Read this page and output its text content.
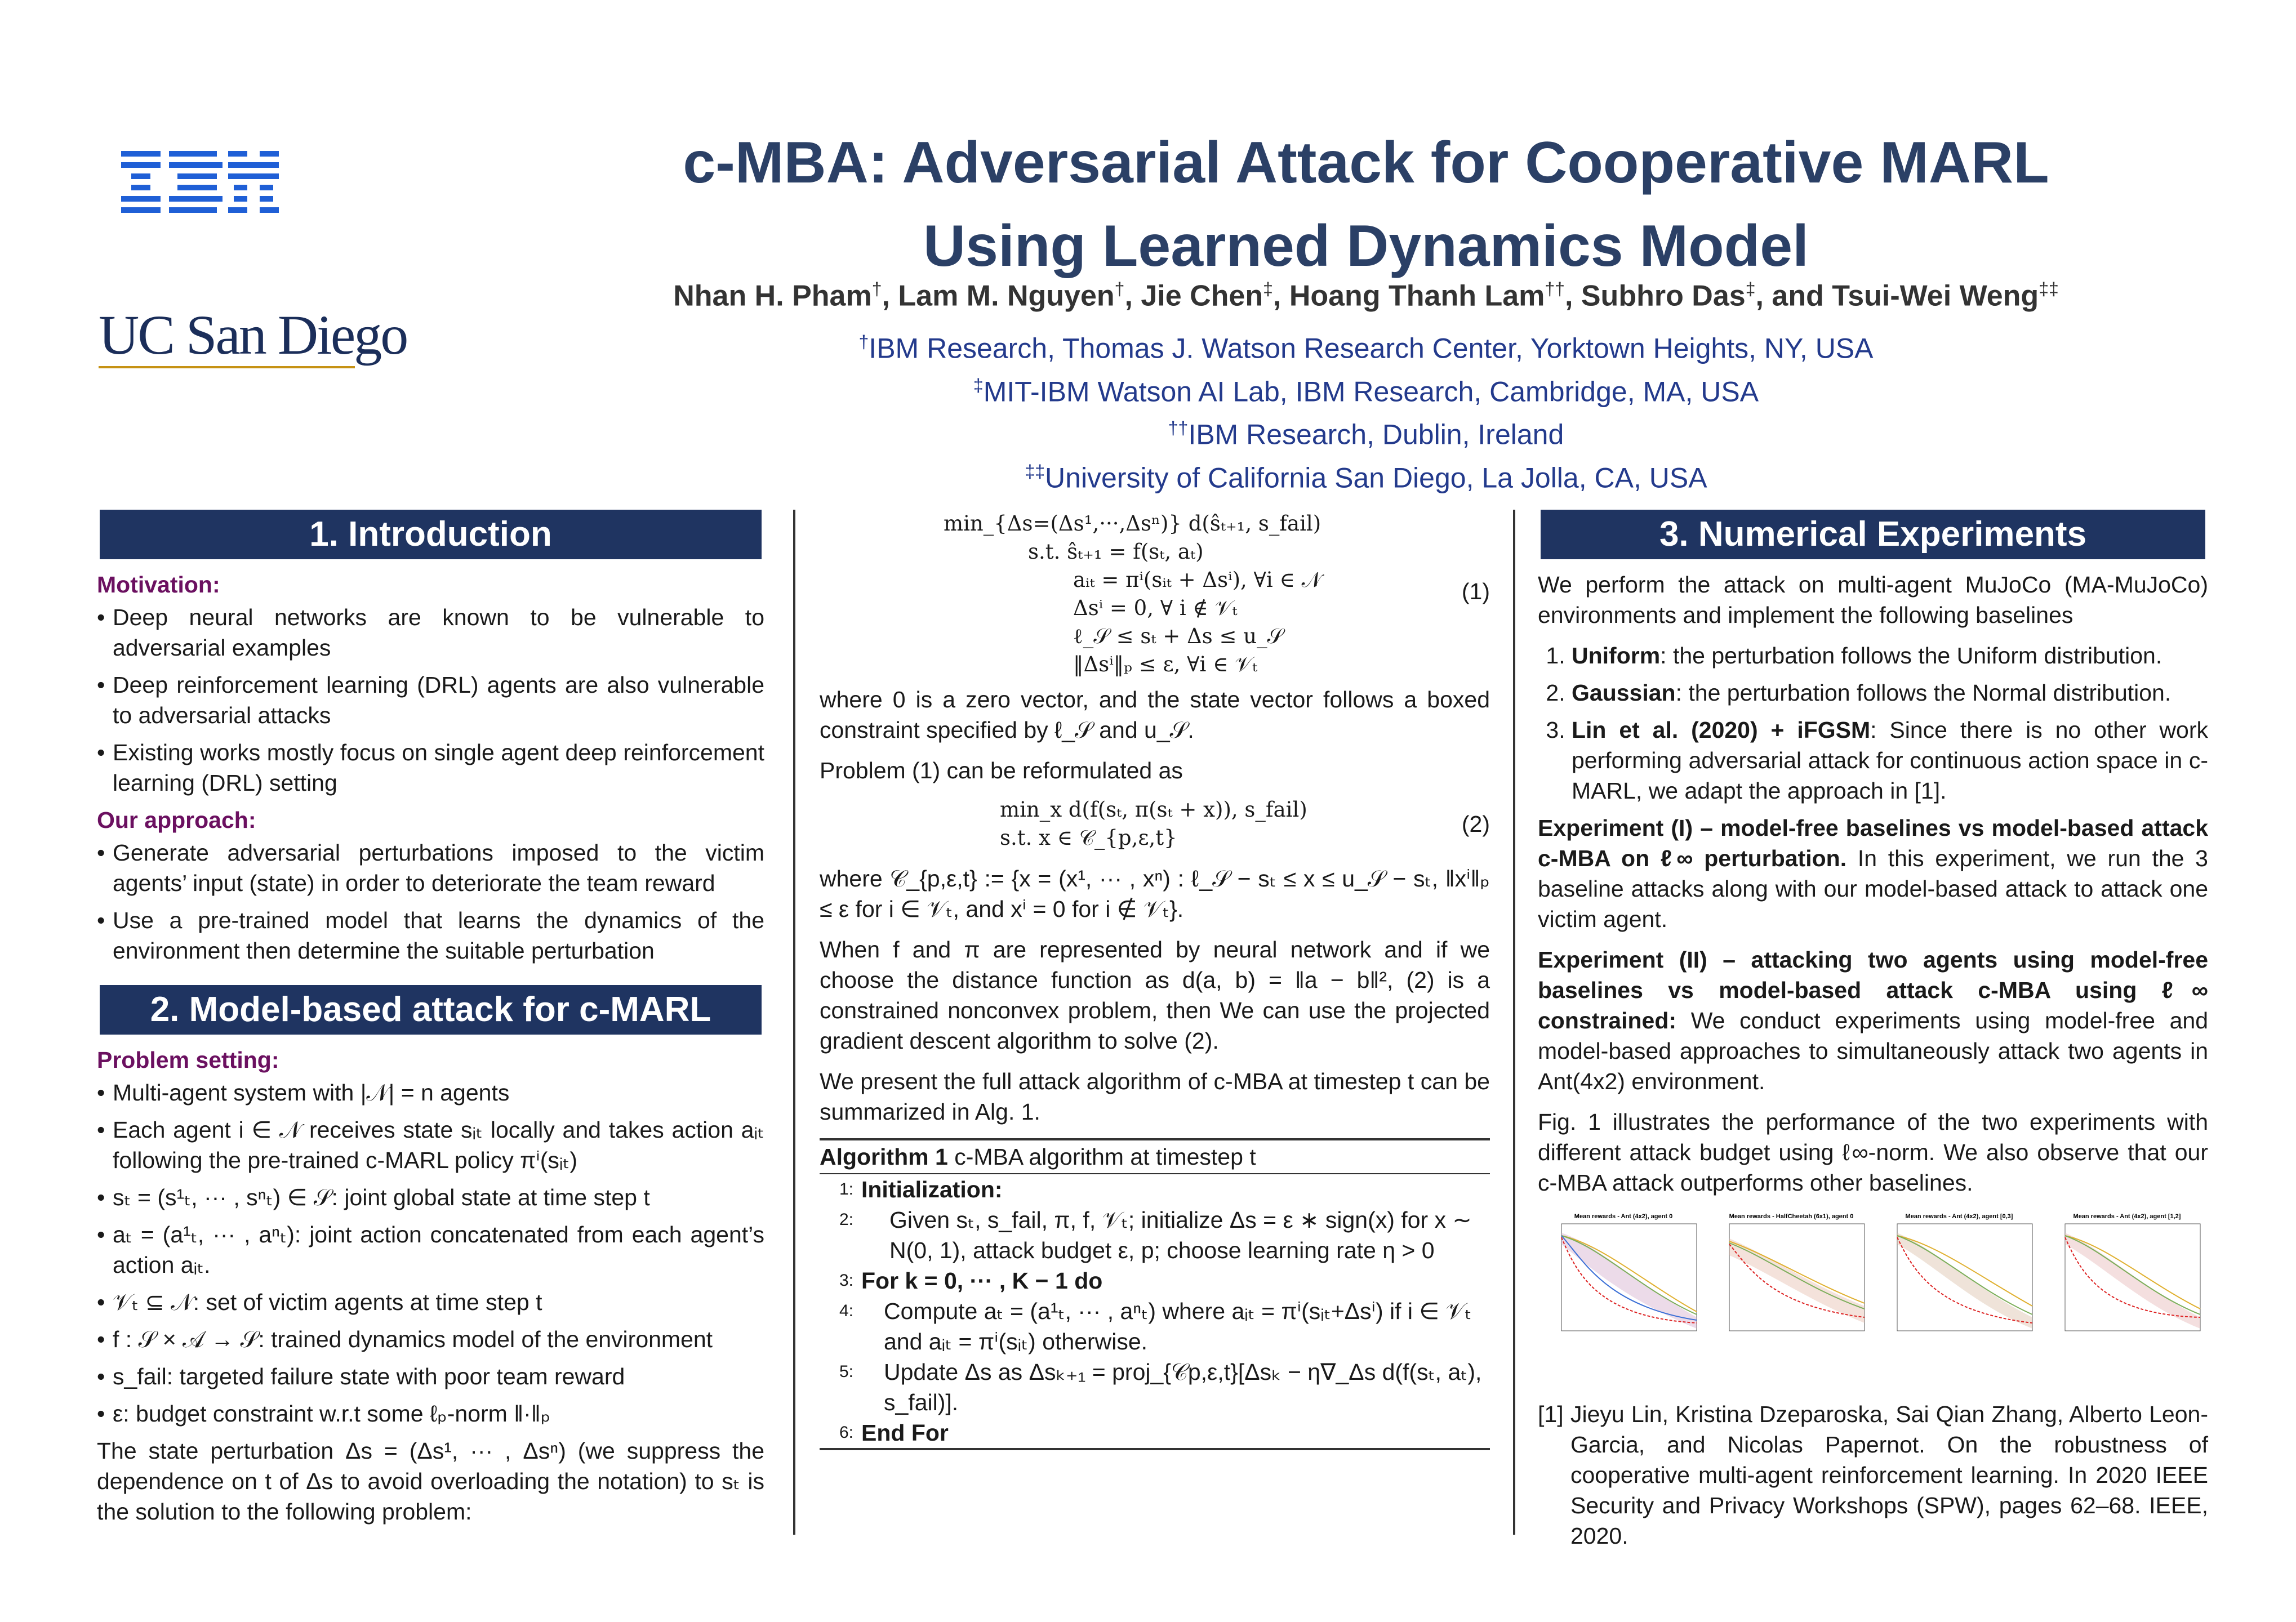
UC San Diego
c-MBA: Adversarial Attack for Cooperative MARL
Using Learned Dynamics Model
Nhan H. Pham†, Lam M. Nguyen†, Jie Chen‡, Hoang Thanh Lam††, Subhro Das‡, and Tsui-Wei Weng‡‡
†IBM Research, Thomas J. Watson Research Center, Yorktown Heights, NY, USA
‡MIT-IBM Watson AI Lab, IBM Research, Cambridge, MA, USA
††IBM Research, Dublin, Ireland
‡‡University of California San Diego, La Jolla, CA, USA
1. Introduction
Motivation:
• Deep neural networks are known to be vulnerable to adversarial examples
• Deep reinforcement learning (DRL) agents are also vulnerable to adversarial attacks
• Existing works mostly focus on single agent deep reinforcement learning (DRL) setting
Our approach:
• Generate adversarial perturbations imposed to the victim agents’ input (state) in order to deteriorate the team reward
• Use a pre-trained model that learns the dynamics of the environment then determine the suitable perturbation
2. Model-based attack for c-MARL
Problem setting:
• Multi-agent system with |𝒩| = n agents
• Each agent i ∈ 𝒩 receives state sᵢₜ locally and takes action aᵢₜ following the pre-trained c-MARL policy πⁱ(sᵢₜ)
• sₜ = (s¹ₜ, ··· , sⁿₜ) ∈ 𝒮: joint global state at time step t
• aₜ = (a¹ₜ, ··· , aⁿₜ): joint action concatenated from each agent’s action aᵢₜ.
• 𝒱ₜ ⊆ 𝒩: set of victim agents at time step t
• f : 𝒮 × 𝒜 → 𝒮: trained dynamics model of the environment
• s_fail: targeted failure state with poor team reward
• ε: budget constraint w.r.t some ℓₚ-norm ‖·‖ₚ

The state perturbation Δs = (Δs¹, ··· , Δsⁿ) (we suppress the dependence on t of Δs to avoid overloading the notation) to sₜ is the solution to the following problem:

min_{Δs=(Δs¹,···,Δsⁿ)} d(ŝₜ₊₁, s_fail)
s.t. ŝₜ₊₁ = f(sₜ, aₜ)
aᵢₜ = πⁱ(sᵢₜ + Δsⁱ), ∀i ∈ 𝒩
Δsⁱ = 0, ∀ i ∉ 𝒱ₜ
ℓ_𝒮 ≤ sₜ + Δs ≤ u_𝒮
‖Δsⁱ‖ₚ ≤ ε, ∀i ∈ 𝒱ₜ
(1)

where 0 is a zero vector, and the state vector follows a boxed constraint specified by ℓ_𝒮 and u_𝒮.

Problem (1) can be reformulated as

min_x d(f(sₜ, π(sₜ + x)), s_fail)
s.t. x ∈ 𝒞_{p,ε,t}
(2)

where 𝒞_{p,ε,t} := {x = (x¹, ··· , xⁿ) : ℓ_𝒮 − sₜ ≤ x ≤ u_𝒮 − sₜ, ‖xⁱ‖ₚ ≤ ε for i ∈ 𝒱ₜ, and xⁱ = 0 for i ∉ 𝒱ₜ}.

When f and π are represented by neural network and if we choose the distance function as d(a, b) = ‖a − b‖², (2) is a constrained nonconvex problem, then We can use the projected gradient descent algorithm to solve (2).

We present the full attack algorithm of c-MBA at timestep t can be summarized in Alg. 1.

Algorithm 1 c-MBA algorithm at timestep t
1: Initialization:
2:	Given sₜ, s_fail, π, f, 𝒱ₜ; initialize Δs = ε ∗ sign(x) for x ∼ N(0, 1), attack budget ε, p; choose learning rate η > 0
3: For k = 0, ··· , K − 1 do
4:	Compute aₜ = (a¹ₜ, ··· , aⁿₜ) where aᵢₜ = πⁱ(sᵢₜ+Δsⁱ) if i ∈ 𝒱ₜ and aᵢₜ = πⁱ(sᵢₜ) otherwise.
5:	Update Δs as Δsₖ₊₁ = proj_{𝒞p,ε,t}[Δsₖ − η∇_Δs d(f(sₜ, aₜ), s_fail)].
6: End For
3. Numerical Experiments

We perform the attack on multi-agent MuJoCo (MA-MuJoCo) environments and implement the following baselines

1. Uniform: the perturbation follows the Uniform distribution.
2. Gaussian: the perturbation follows the Normal distribution.
3. Lin et al. (2020) + iFGSM: Since there is no other work performing adversarial attack for continuous action space in c-MARL, we adapt the approach in [1].

Experiment (I) – model-free baselines vs model-based attack c-MBA on ℓ∞ perturbation. In this experiment, we run the 3 baseline attacks along with our model-based attack to attack one victim agent.

Experiment (II) – attacking two agents using model-free baselines vs model-based attack c-MBA using ℓ∞ constrained: We conduct experiments using model-free and model-based approaches to simultaneously attack two agents in Ant(4x2) environment.

Fig. 1 illustrates the performance of the two experiments with different attack budget using ℓ∞-norm. We also observe that our c-MBA attack outperforms other baselines.

Mean rewards - Ant (4x2), agent 0	Mean rewards - HalfCheetah (6x1), agent 0	Mean rewards - Ant (4x2), agent [0,3]	Mean rewards - Ant (4x2), agent [1,2]
[1] Jieyu Lin, Kristina Dzeparoska, Sai Qian Zhang, Alberto Leon-Garcia, and Nicolas Papernot. On the robustness of cooperative multi-agent reinforcement learning. In 2020 IEEE Security and Privacy Workshops (SPW), pages 62–68. IEEE, 2020.
